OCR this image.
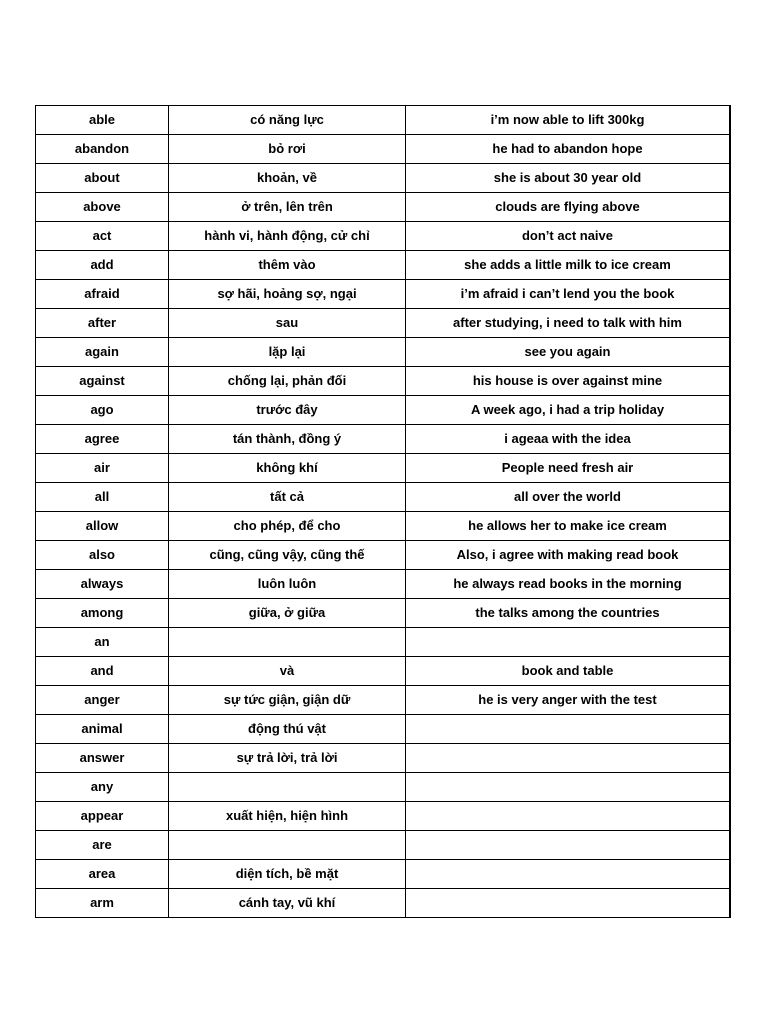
able	có năng lực	i’m now able to lift 300kg
abandon	bỏ rơi	he had to abandon hope
about	khoản, về	she is about 30 year old
above	ở trên, lên trên	clouds are flying above
act	hành vi, hành động, cử chỉ	don’t act naive
add	thêm vào	she adds a little milk to ice cream
afraid	sợ hãi, hoảng sợ, ngại	i’m afraid i can’t lend you the book
after	sau	after studying, i need to talk with him
again	lặp lại	see you again
against	chống lại, phản đối	his house is over against mine
ago	trước đây	A week ago, i had a trip holiday
agree	tán thành, đồng ý	i ageaa with the idea
air	không khí	People need fresh air
all	tất cả	all over the world
allow	cho phép, để cho	he allows her to make ice cream
also	cũng, cũng vậy, cũng thế	Also, i agree with making read book
always	luôn luôn	he always read books in the morning
among	giữa, ở giữa	the talks among the countries
an		
and	và	book and table
anger	sự tức giận, giận dữ	he is very anger with the test
animal	động thú vật	
answer	sự trả lời, trả lời	
any		
appear	xuất hiện, hiện hình	
are		
area	diện tích, bề mặt	
arm	cánh tay, vũ khí	
